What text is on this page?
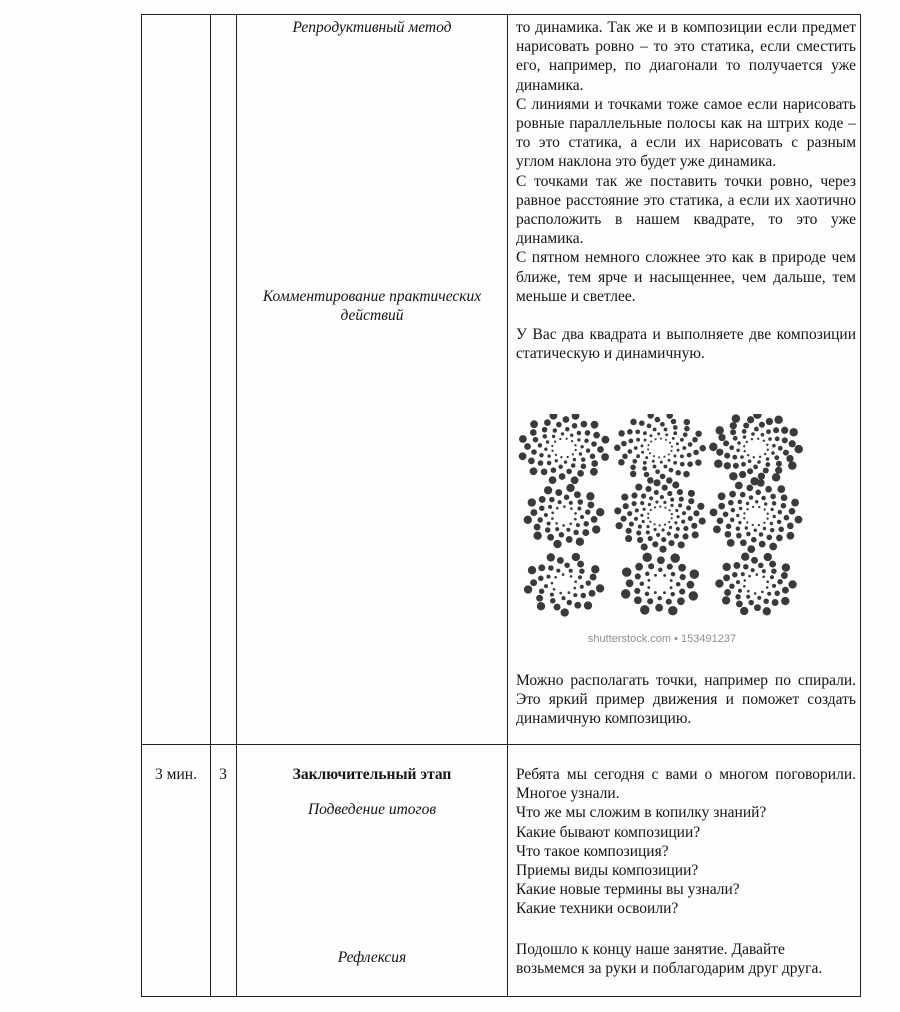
Репродуктивный метод
Комментирование практических действий

то динамика. Так же и в композиции если предмет нарисовать ровно – то это статика, если сместить его, например, по диагонали то получается уже динамика.

С линиями и точками тоже самое если нарисовать ровные параллельные полосы как на штрих коде – то это статика, а если их нарисовать с разным углом наклона это будет уже динамика.

С точками так же поставить точки ровно, через равное расстояние это статика, а если их хаотично расположить в нашем квадрате, то это уже динамика.

С пятном немного сложнее это как в природе чем ближе, тем ярче и насыщеннее, чем дальше, тем меньше и светлее.

У Вас два квадрата и выполняете две композиции статическую и динамичную.

shutterstock.com • 153491237
Можно располагать точки, например по спирали. Это яркий пример движения и поможет создать динамичную композицию.
3 мин.	3	Заключительный этап
Подведение итогов
Рефлексия

Ребята мы сегодня с вами о многом поговорили. Многое узнали.

Что же мы сложим в копилку знаний?

Какие бывают композиции?

Что такое композиция?

Приемы виды композиции?

Какие новые термины вы узнали?

Какие техники освоили?

Подошло к концу наше занятие. Давайте возьмемся за руки и поблагодарим друг друга.
